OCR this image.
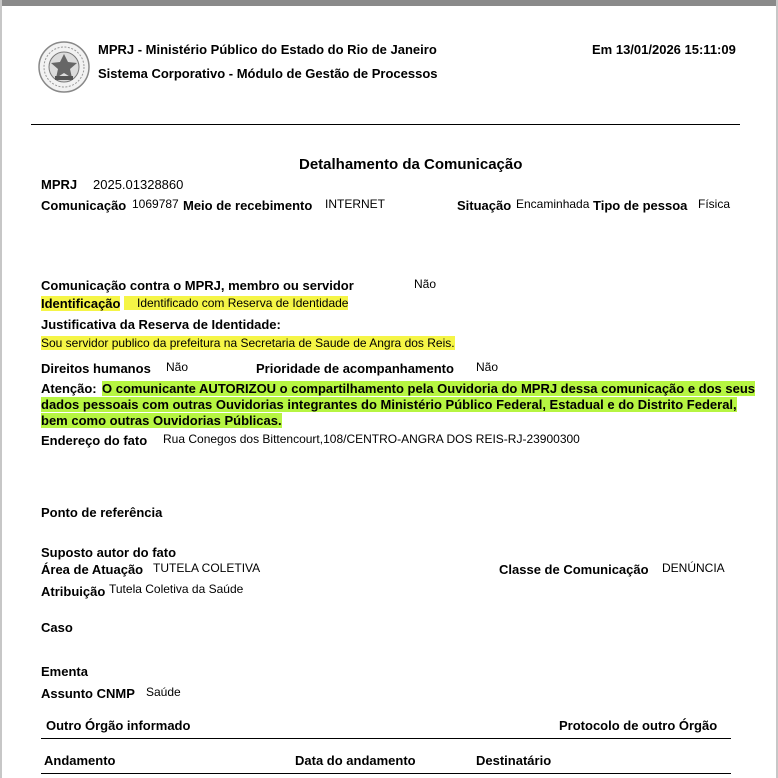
MPRJ - Ministério Público do Estado do Rio de Janeiro
Sistema Corporativo - Módulo de Gestão de Processos
Em 13/01/2026 15:11:09
Detalhamento da Comunicação
MPRJ 2025.01328860
Comunicação 1069787 Meio de recebimento INTERNET	Situação Encaminhada Tipo de pessoa Física
Comunicação contra o MPRJ, membro ou servidor	Não
Identificação	Identificado com Reserva de Identidade
Justificativa da Reserva de Identidade:
Sou servidor publico da prefeitura na Secretaria de Saude de Angra dos Reis.
Direitos humanos Não	Prioridade de acompanhamento Não
Atenção: O comunicante AUTORIZOU o compartilhamento pela Ouvidoria do MPRJ dessa comunicação e dos seus
dados pessoais com outras Ouvidorias integrantes do Ministério Público Federal, Estadual e do Distrito Federal,
bem como outras Ouvidorias Públicas.
Endereço do fato Rua Conegos dos Bittencourt,108/CENTRO-ANGRA DOS REIS-RJ-23900300
Ponto de referência
Suposto autor do fato
Área de Atuação TUTELA COLETIVA	Classe de Comunicação DENÚNCIA
Atribuição Tutela Coletiva da Saúde
Caso
Ementa
Assunto CNMP Saúde
Outro Órgão informado	Protocolo de outro Órgão
Andamento	Data do andamento	Destinatário
